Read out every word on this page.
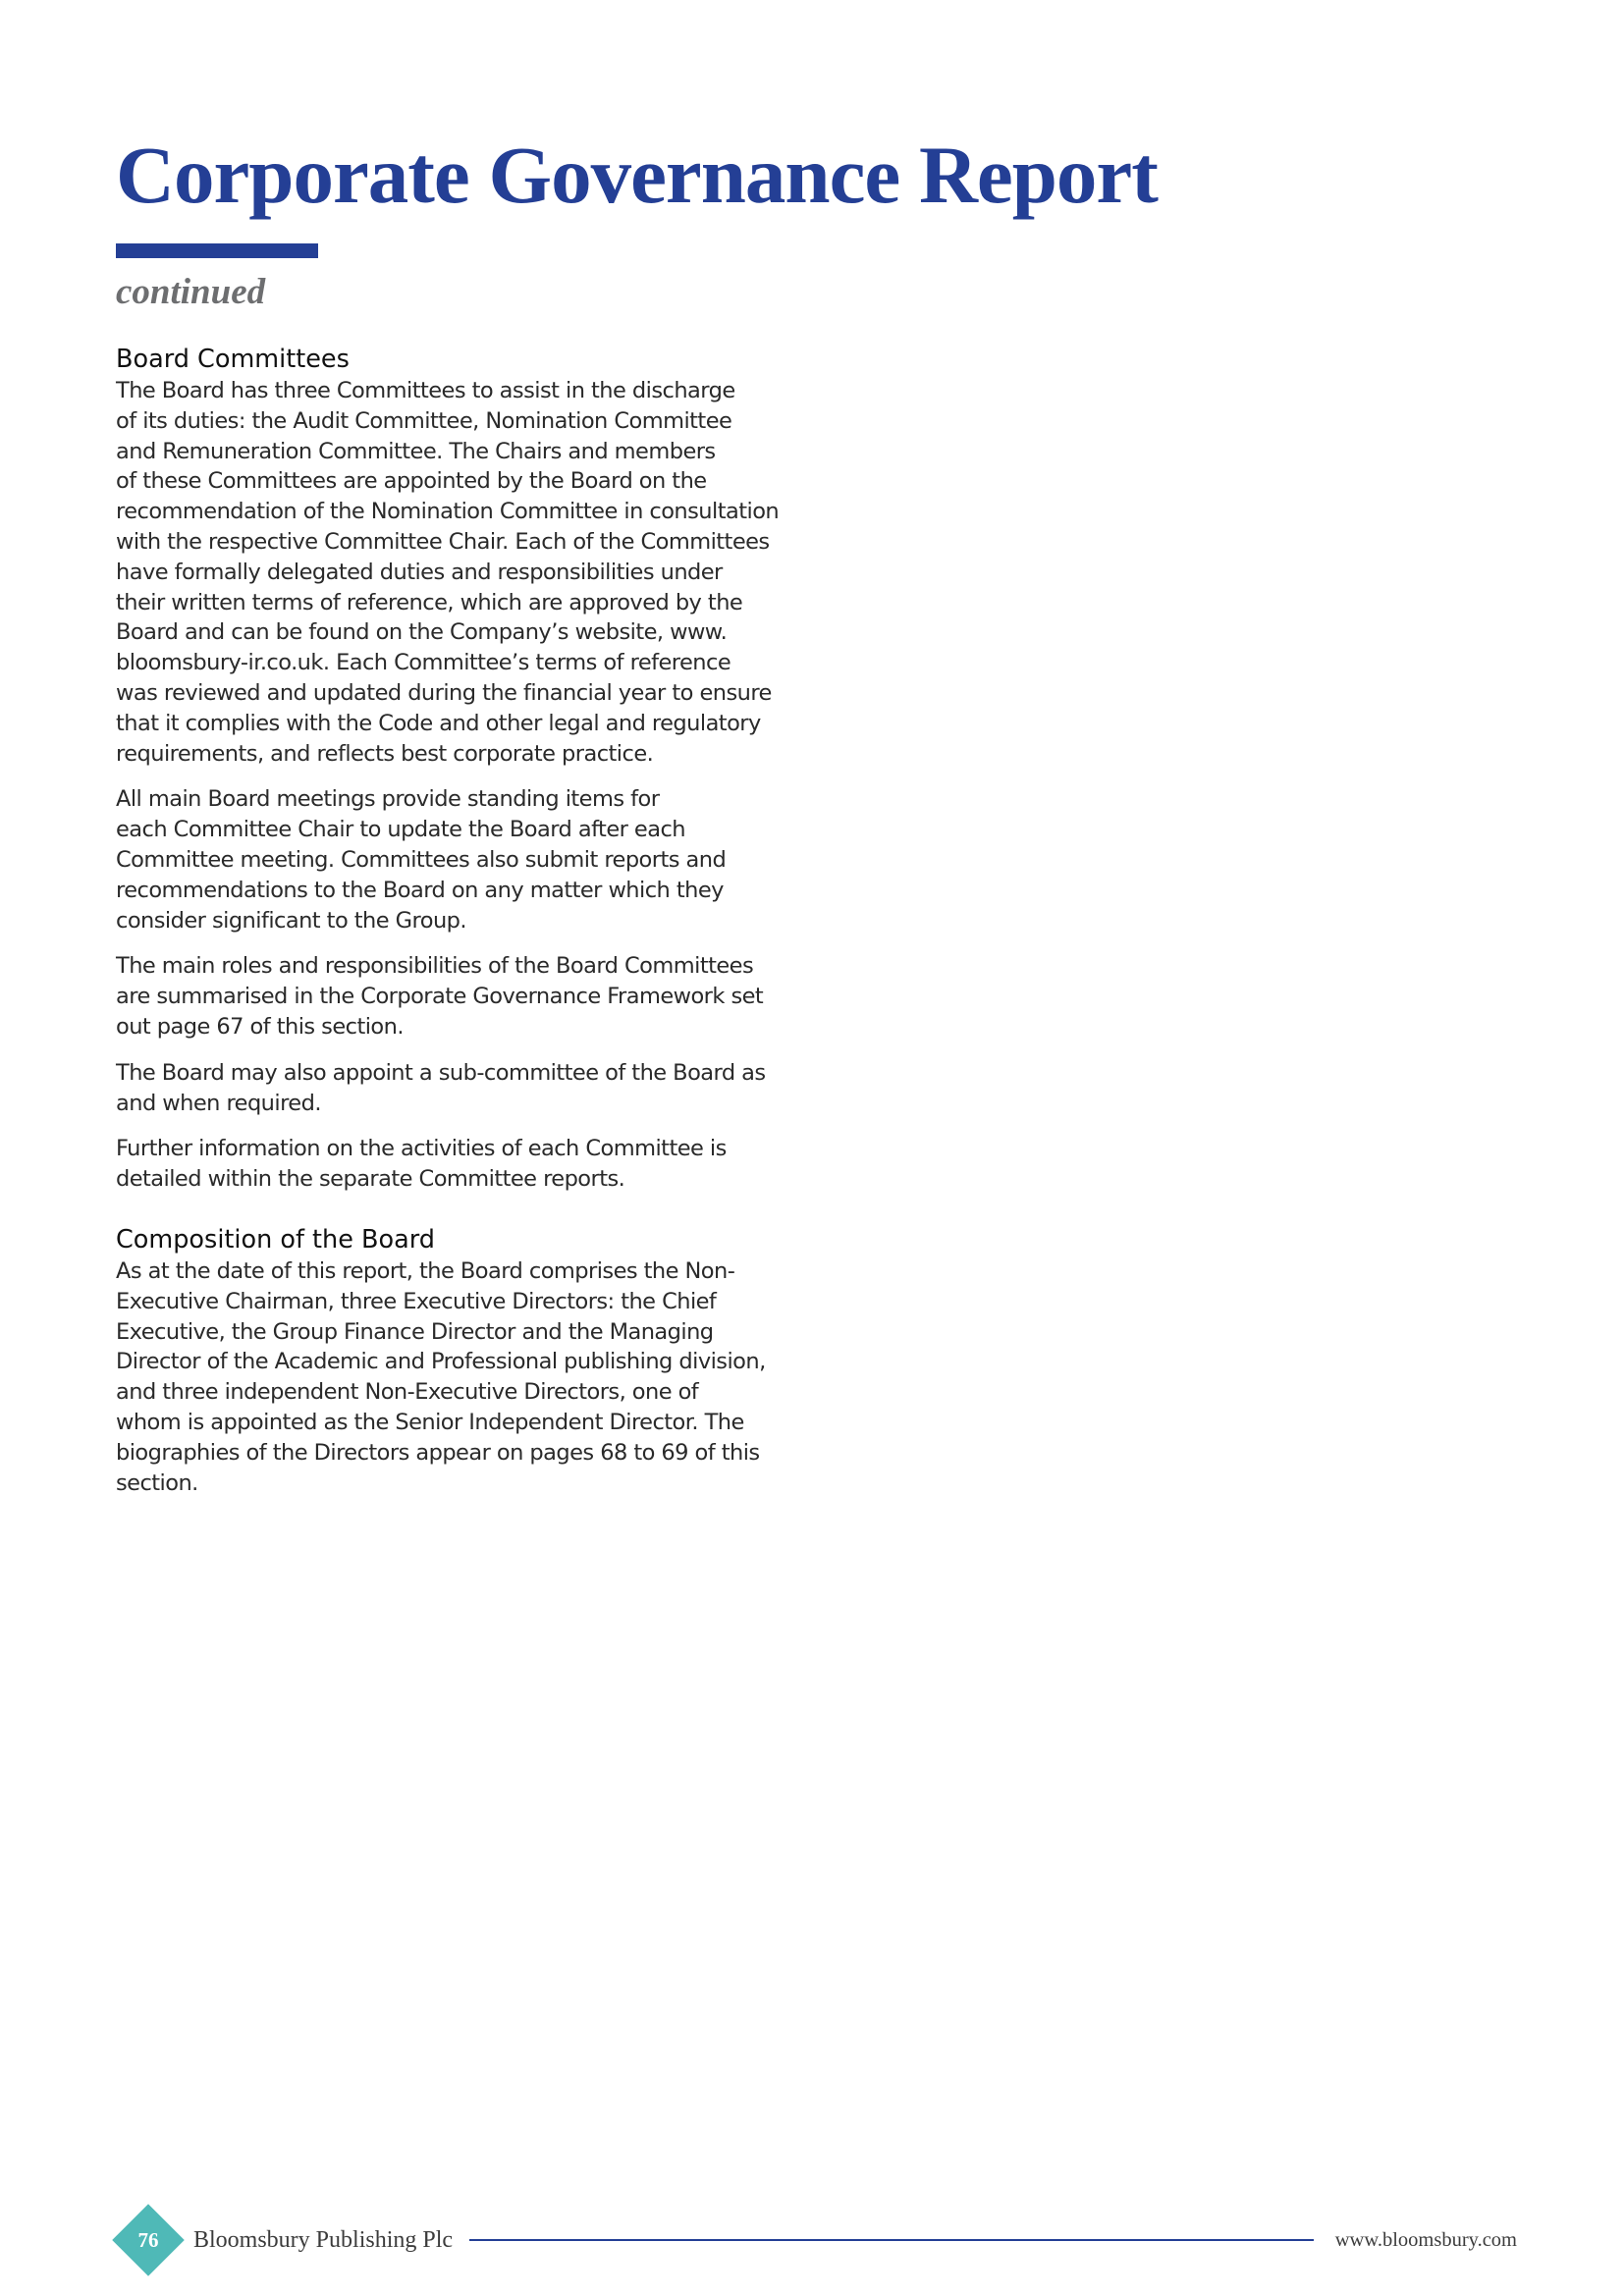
Corporate Governance Report

continued

Board Committees

The Board has three Committees to assist in the discharge
of its duties: the Audit Committee, Nomination Committee
and Remuneration Committee. The Chairs and members
of these Committees are appointed by the Board on the
recommendation of the Nomination Committee in consultation
with the respective Committee Chair. Each of the Committees
have formally delegated duties and responsibilities under
their written terms of reference, which are approved by the
Board and can be found on the Company’s website, www.
bloomsbury-ir.co.uk. Each Committee’s terms of reference
was reviewed and updated during the financial year to ensure
that it complies with the Code and other legal and regulatory
requirements, and reflects best corporate practice.

All main Board meetings provide standing items for
each Committee Chair to update the Board after each
Committee meeting. Committees also submit reports and
recommendations to the Board on any matter which they
consider significant to the Group.

The main roles and responsibilities of the Board Committees
are summarised in the Corporate Governance Framework set
out page 67 of this section.

The Board may also appoint a sub-committee of the Board as
and when required.

Further information on the activities of each Committee is
detailed within the separate Committee reports.

Composition of the Board

As at the date of this report, the Board comprises the Non-
Executive Chairman, three Executive Directors: the Chief
Executive, the Group Finance Director and the Managing
Director of the Academic and Professional publishing division,
and three independent Non-Executive Directors, one of
whom is appointed as the Senior Independent Director. The
biographies of the Directors appear on pages 68 to 69 of this
section.

76	Bloomsbury Publishing Plc	www.bloomsbury.com
